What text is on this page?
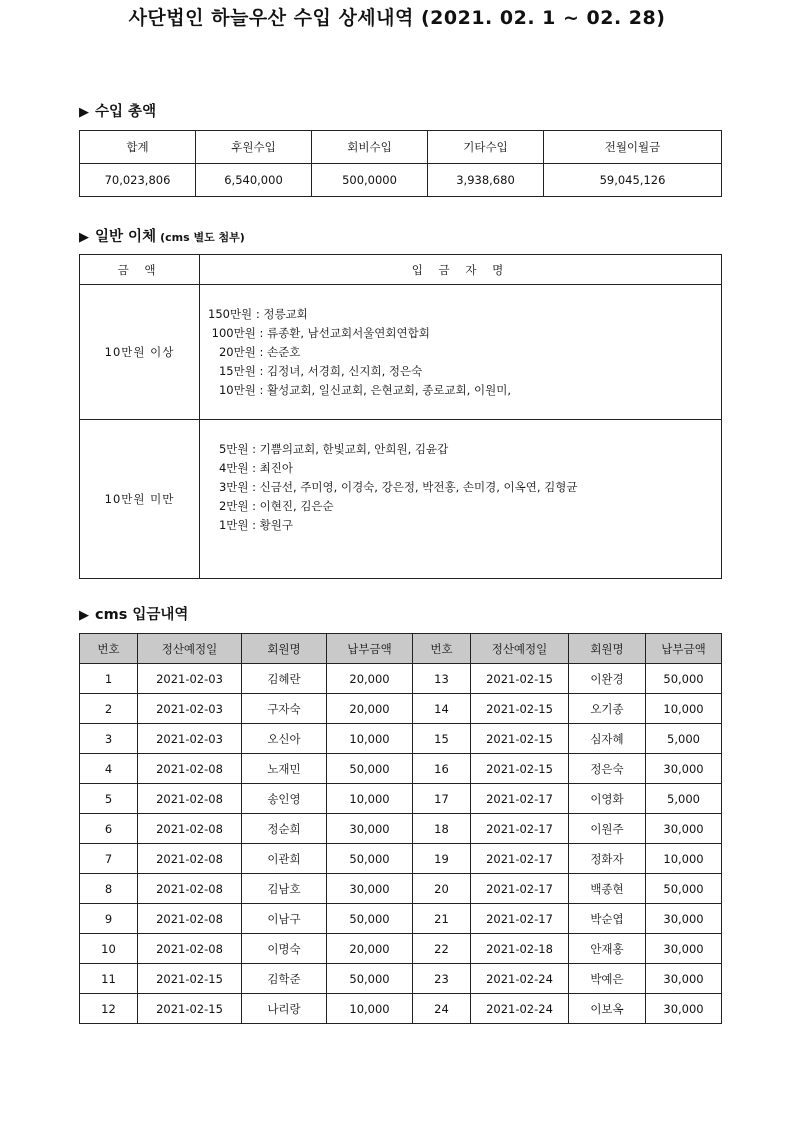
사단법인 하늘우산 수입 상세내역 (2021. 02. 1 ~ 02. 28)
▶ 수입 총액
합계	후원수입	회비수입	기타수입	전월이월금
70,023,806	6,540,000	500,0000	3,938,680	59,045,126
▶ 일반 이체 (cms 별도 첨부)
금 액	입 금 자 명
10만원 이상	150만원 : 정릉교회
100만원 : 류종환, 남선교회서울연회연합회
20만원 : 손준호
15만원 : 김정녀, 서경희, 신지희, 정은숙
10만원 : 활성교회, 일신교회, 은현교회, 종로교회, 이원미,

10만원 미만	5만원 : 기쁨의교회, 한빛교회, 안희원, 김윤갑
4만원 : 최진아
3만원 : 신금선, 주미영, 이경숙, 강은정, 박전홍, 손미경, 이옥연, 김형균
2만원 : 이현진, 김은순
1만원 : 황원구
▶ cms 입금내역
번호	정산예정일	회원명	납부금액	번호	정산예정일	회원명	납부금액
1	2021-02-03	김혜란	20,000	13	2021-02-15	이완경	50,000
2	2021-02-03	구자숙	20,000	14	2021-02-15	오기종	10,000
3	2021-02-03	오신아	10,000	15	2021-02-15	심자혜	5,000
4	2021-02-08	노재민	50,000	16	2021-02-15	정은숙	30,000
5	2021-02-08	송인영	10,000	17	2021-02-17	이영화	5,000
6	2021-02-08	정순희	30,000	18	2021-02-17	이원주	30,000
7	2021-02-08	이관희	50,000	19	2021-02-17	정화자	10,000
8	2021-02-08	김남호	30,000	20	2021-02-17	백종현	50,000
9	2021-02-08	이남구	50,000	21	2021-02-17	박순엽	30,000
10	2021-02-08	이명숙	20,000	22	2021-02-18	안재홍	30,000
11	2021-02-15	김학준	50,000	23	2021-02-24	박예은	30,000
12	2021-02-15	나리랑	10,000	24	2021-02-24	이보옥	30,000
